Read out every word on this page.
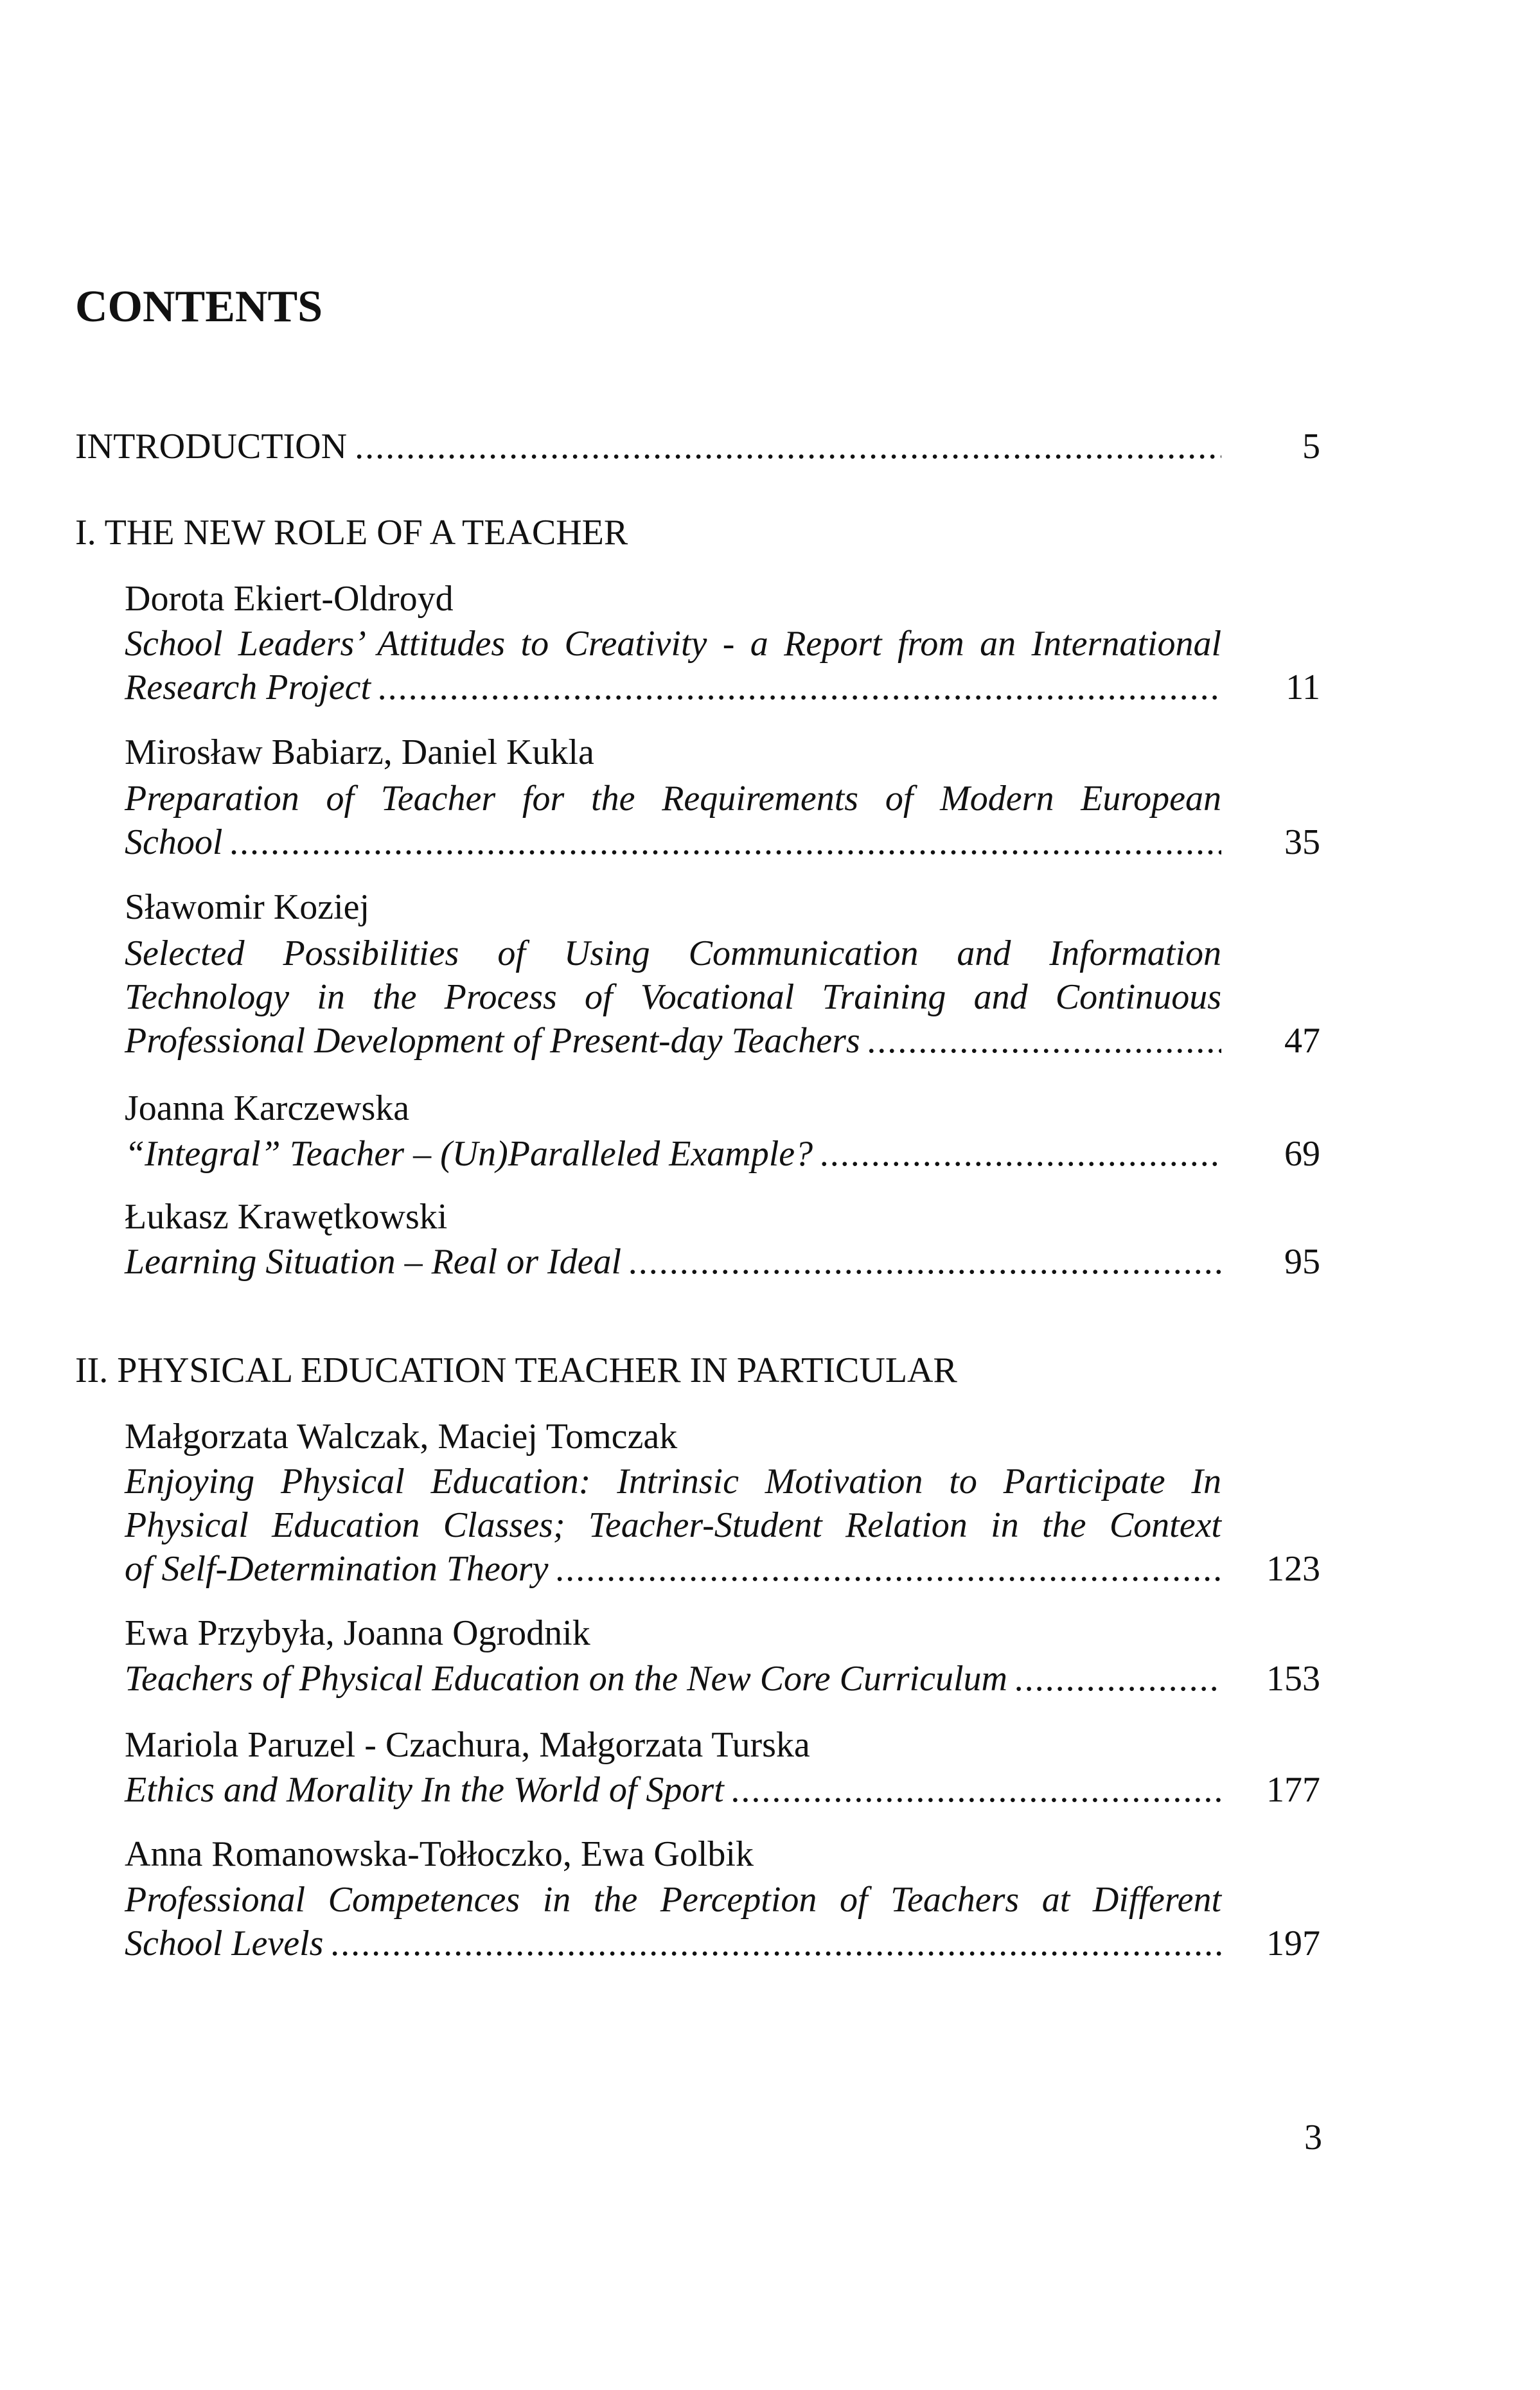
CONTENTS
INTRODUCTION .....	5
I. THE NEW ROLE OF A TEACHER
Dorota Ekiert-Oldroyd
School Leaders’ Attitudes to Creativity - a Report from an International
Research Project .....	11
Mirosław Babiarz, Daniel Kukla
Preparation of Teacher for the Requirements of Modern European
School .....	35
Sławomir Koziej
Selected Possibilities of Using Communication and Information
Technology in the Process of Vocational Training and Continuous
Professional Development of Present-day Teachers .....	47
Joanna Karczewska
“Integral” Teacher – (Un)Paralleled Example? .....	69
Łukasz Krawętkowski
Learning Situation – Real or Ideal .....	95
II. PHYSICAL EDUCATION TEACHER IN PARTICULAR
Małgorzata Walczak, Maciej Tomczak
Enjoying Physical Education: Intrinsic Motivation to Participate In
Physical Education Classes; Teacher-Student Relation in the Context
of Self-Determination Theory .....	123
Ewa Przybyła, Joanna Ogrodnik
Teachers of Physical Education on the New Core Curriculum .....	153
Mariola Paruzel - Czachura, Małgorzata Turska
Ethics and Morality In the World of Sport .....	177
Anna Romanowska-Tołłoczko, Ewa Golbik
Professional Competences in the Perception of Teachers at Different
School Levels .....	197
3
